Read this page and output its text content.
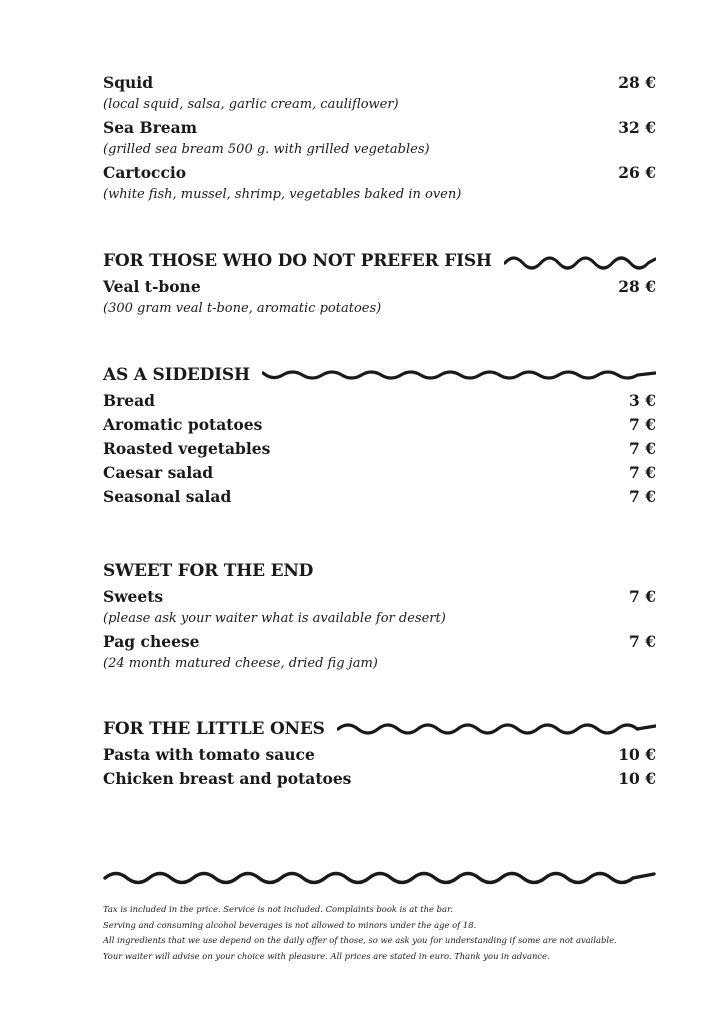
Squid	28 €
(local squid, salsa, garlic cream, cauliflower)
Sea Bream	32 €
(grilled sea bream 500 g. with grilled vegetables)
Cartoccio	26 €
(white fish, mussel, shrimp, vegetables baked in oven)
FOR THOSE WHO DO NOT PREFER FISH
Veal t-bone	28 €
(300 gram veal t-bone, aromatic potatoes)
AS A SIDEDISH
Bread	3 €
Aromatic potatoes	7 €
Roasted vegetables	7 €
Caesar salad	7 €
Seasonal salad	7 €
SWEET FOR THE END
Sweets	7 €
(please ask your waiter what is available for desert)
Pag cheese	7 €
(24 month matured cheese, dried fig jam)
FOR THE LITTLE ONES
Pasta with tomato sauce	10 €
Chicken breast and potatoes	10 €
Tax is included in the price. Service is not included. Complaints book is at the bar.
Serving and consuming alcohol beverages is not allowed to minors under the age of 18.
All ingredients that we use depend on the daily offer of those, so we ask you for understanding if some are not available.
Your waiter will advise on your choice with pleasure. All prices are stated in euro. Thank you in advance.
